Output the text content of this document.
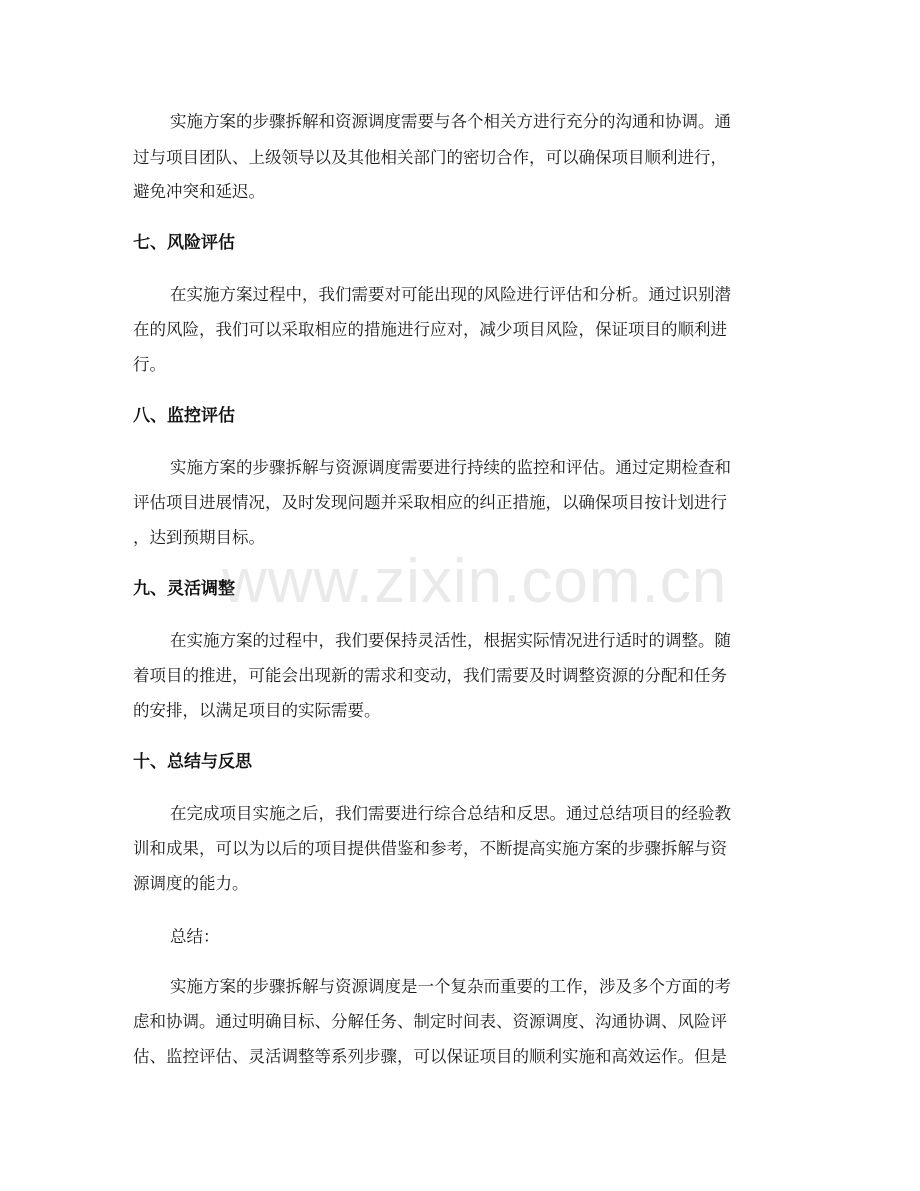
实施方案的步骤拆解和资源调度需要与各个相关方进行充分的沟通和协调。通
过与项目团队、上级领导以及其他相关部门的密切合作，可以确保项目顺利进行，
避免冲突和延迟。
七、风险评估
在实施方案过程中，我们需要对可能出现的风险进行评估和分析。通过识别潜
在的风险，我们可以采取相应的措施进行应对，减少项目风险，保证项目的顺利进
行。
八、监控评估
实施方案的步骤拆解与资源调度需要进行持续的监控和评估。通过定期检查和
评估项目进展情况，及时发现问题并采取相应的纠正措施，以确保项目按计划进行
，达到预期目标。
九、灵活调整
在实施方案的过程中，我们要保持灵活性，根据实际情况进行适时的调整。随
着项目的推进，可能会出现新的需求和变动，我们需要及时调整资源的分配和任务
的安排，以满足项目的实际需要。
十、总结与反思
在完成项目实施之后，我们需要进行综合总结和反思。通过总结项目的经验教
训和成果，可以为以后的项目提供借鉴和参考，不断提高实施方案的步骤拆解与资
源调度的能力。
总结：
实施方案的步骤拆解与资源调度是一个复杂而重要的工作，涉及多个方面的考
虑和协调。通过明确目标、分解任务、制定时间表、资源调度、沟通协调、风险评
估、监控评估、灵活调整等系列步骤，可以保证项目的顺利实施和高效运作。但是
www.zixin.com.cn
